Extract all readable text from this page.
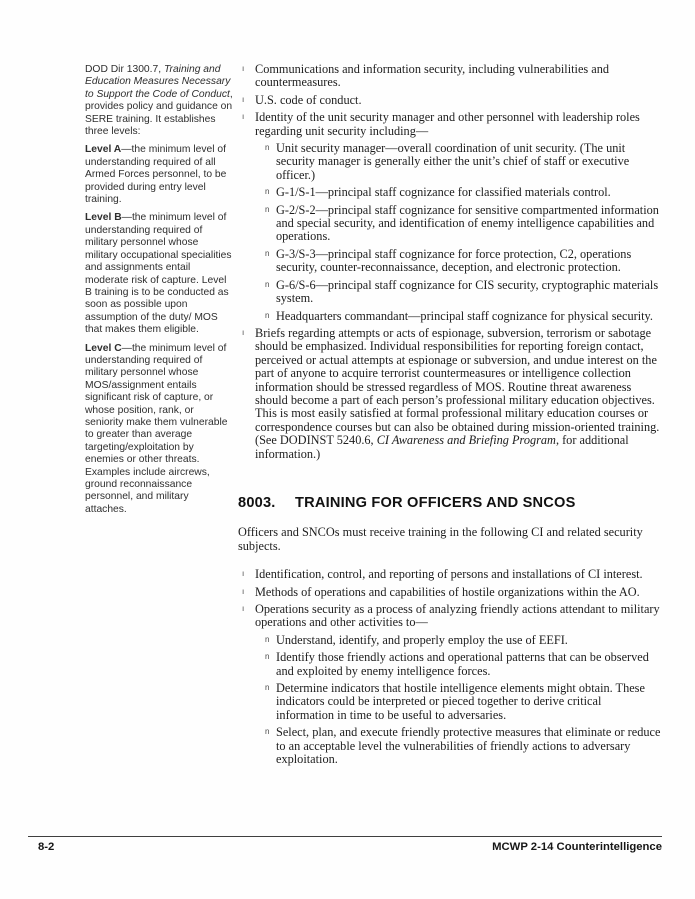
DOD Dir 1300.7, Training and Education Measures Necessary to Support the Code of Conduct, provides policy and guidance on SERE training. It establishes three levels:

Level A—the minimum level of understanding required of all Armed Forces personnel, to be provided during entry level training.

Level B—the minimum level of understanding required of military personnel whose military occupational specialities and assignments entail moderate risk of capture. Level B training is to be conducted as soon as possible upon assumption of the duty/ MOS that makes them eligible.

Level C—the minimum level of understanding required of military personnel whose MOS/assignment entails significant risk of capture, or whose position, rank, or seniority make them vulnerable to greater than average targeting/exploitation by enemies or other threats. Examples include aircrews, ground reconnaissance personnel, and military attaches.

ı Communications and information security, including vulnerabilities and countermeasures.
ı U.S. code of conduct.
ı Identity of the unit security manager and other personnel with leadership roles regarding unit security including—
n Unit security manager—overall coordination of unit security. (The unit security manager is generally either the unit’s chief of staff or executive officer.)
n G-1/S-1—principal staff cognizance for classified materials control.
n G-2/S-2—principal staff cognizance for sensitive compartmented information and special security, and identification of enemy intelligence capabilities and operations.
n G-3/S-3—principal staff cognizance for force protection, C2, operations security, counter-reconnaissance, deception, and electronic protection.
n G-6/S-6—principal staff cognizance for CIS security, cryptographic materials system.
n Headquarters commandant—principal staff cognizance for physical security.
ı Briefs regarding attempts or acts of espionage, subversion, terrorism or sabotage should be emphasized. Individual responsibilities for reporting foreign contact, perceived or actual attempts at espionage or subversion, and undue interest on the part of anyone to acquire terrorist countermeasures or intelligence collection information should be stressed regardless of MOS. Routine threat awareness should become a part of each person’s professional military education objectives. This is most easily satisfied at formal professional military education courses or correspondence courses but can also be obtained during mission-oriented training. (See DODINST 5240.6, CI Awareness and Briefing Program, for additional information.)
8003. TRAINING FOR OFFICERS AND SNCOS

Officers and SNCOs must receive training in the following CI and related security subjects.

ı Identification, control, and reporting of persons and installations of CI interest.
ı Methods of operations and capabilities of hostile organizations within the AO.
ı Operations security as a process of analyzing friendly actions attendant to military operations and other activities to—
n Understand, identify, and properly employ the use of EEFI.
n Identify those friendly actions and operational patterns that can be observed and exploited by enemy intelligence forces.
n Determine indicators that hostile intelligence elements might obtain. These indicators could be interpreted or pieced together to derive critical information in time to be useful to adversaries.
n Select, plan, and execute friendly protective measures that eliminate or reduce to an acceptable level the vulnerabilities of friendly actions to adversary exploitation.
8-2	MCWP 2-14 Counterintelligence
